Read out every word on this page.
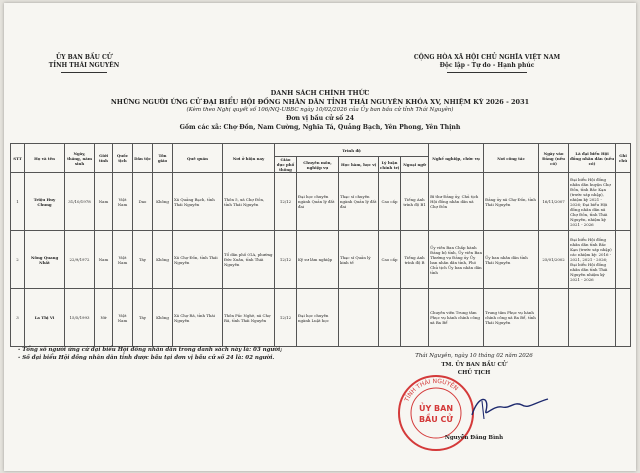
ỦY BAN BẦU CỬ
TỈNH THÁI NGUYÊN
CỘNG HÒA XÃ HỘI CHỦ NGHĨA VIỆT NAM
Độc lập - Tự do - Hạnh phúc
DANH SÁCH CHÍNH THỨC
NHỮNG NGƯỜI ỨNG CỬ ĐẠI BIỂU HỘI ĐỒNG NHÂN DÂN TỈNH THÁI NGUYÊN KHÓA XV, NHIỆM KỲ 2026 - 2031
(Kèm theo Nghị quyết số 106/NQ-UBBC ngày 10/02/2026 của Ủy ban bầu cử tỉnh Thái Nguyên)
Đơn vị bầu cử số 24
Gồm các xã: Chợ Đồn, Nam Cường, Nghĩa Tá, Quảng Bạch, Yên Phong, Yên Thịnh
STT	Họ và tên	Ngày, tháng, năm sinh	Giới tính	Quốc tịch	Dân tộc	Tôn giáo	Quê quán	Nơi ở hiện nay	Trình độ					Nghề nghiệp, chức vụ	Nơi công tác	Ngày vào Đảng (nếu có)	Là đại biểu Hội đồng nhân dân (nếu có)	Ghi chú
									Giáo dục phổ thông	Chuyên môn, nghiệp vụ	Học hàm, học vị	Lý luận chính trị	Ngoại ngữ					
1	Triệu Huy Chung	31/10/1978	Nam	Việt Nam	Dao	Không	Xã Quảng Bạch, tỉnh Thái Nguyên	Thôn 5, xã Chợ Đồn, tỉnh Thái Nguyên	12/12	Đại học chuyên ngành Quản lý đất đai	Thạc sĩ chuyên ngành Quản lý đất đai	Cao cấp	Tiếng Anh trình độ B1	Bí thư Đảng ủy, Chủ tịch Hội đồng nhân dân xã Chợ Đồn	Đảng ủy xã Chợ Đồn, tỉnh Thái Nguyên	16/11/2007	Đại biểu Hội đồng nhân dân huyện Chợ Đồn, tỉnh Bắc Kạn (trước sáp nhập), nhiệm kỳ 2021 - 2026; Đại biểu Hội đồng nhân dân xã Chợ Đồn, tỉnh Thái Nguyên, nhiệm kỳ 2021 - 2026	
2	Nông Quang Nhất	22/9/1972	Nam	Việt Nam	Tày	Không	Xã Chợ Đồn, tỉnh Thái Nguyên	Tổ dân phố 01A, phường Đức Xuân, tỉnh Thái Nguyên	12/12	Kỹ sư lâm nghiệp	Thạc sĩ Quản lý kinh tế	Cao cấp	Tiếng Anh trình độ B	Ủy viên Ban Chấp hành Đảng bộ tỉnh, Ủy viên Ban Thường vụ Đảng ủy Ủy ban nhân dân tỉnh, Phó Chủ tịch Ủy ban nhân dân tỉnh	Ủy ban nhân dân tỉnh Thái Nguyên	25/01/2002	Đại biểu Hội đồng nhân dân tỉnh Bắc Kạn (trước sáp nhập) các nhiệm kỳ: 2016 - 2021, 2021 - 2026; Đại biểu Hội đồng nhân dân tỉnh Thái Nguyên nhiệm kỳ 2021 - 2026	
3	La Thị Vi	15/5/1993	Nữ	Việt Nam	Tày	Không	Xã Chợ Rã, tỉnh Thái Nguyên	Thôn Pắc Nghè, xã Chợ Rã, tỉnh Thái Nguyên	12/12	Đại học chuyên ngành Luật học				Chuyên viên Trung tâm Phục vụ hành chính công xã Ba Bể	Trung tâm Phục vụ hành chính công xã Ba Bể, tỉnh Thái Nguyên			
- Tổng số người ứng cử đại biểu Hội đồng nhân dân trong danh sách này là: 03 người;
- Số đại biểu Hội đồng nhân dân tỉnh được bầu tại đơn vị bầu cử số 24 là: 02 người.	Thái Nguyên, ngày 10 tháng 02 năm 2026
TM. ỦY BAN BẦU CỬ
CHỦ TỊCH
TỈNH THÁI NGUYÊN
ỦY BAN
BẦU CỬ
Nguyễn Đăng Bình
